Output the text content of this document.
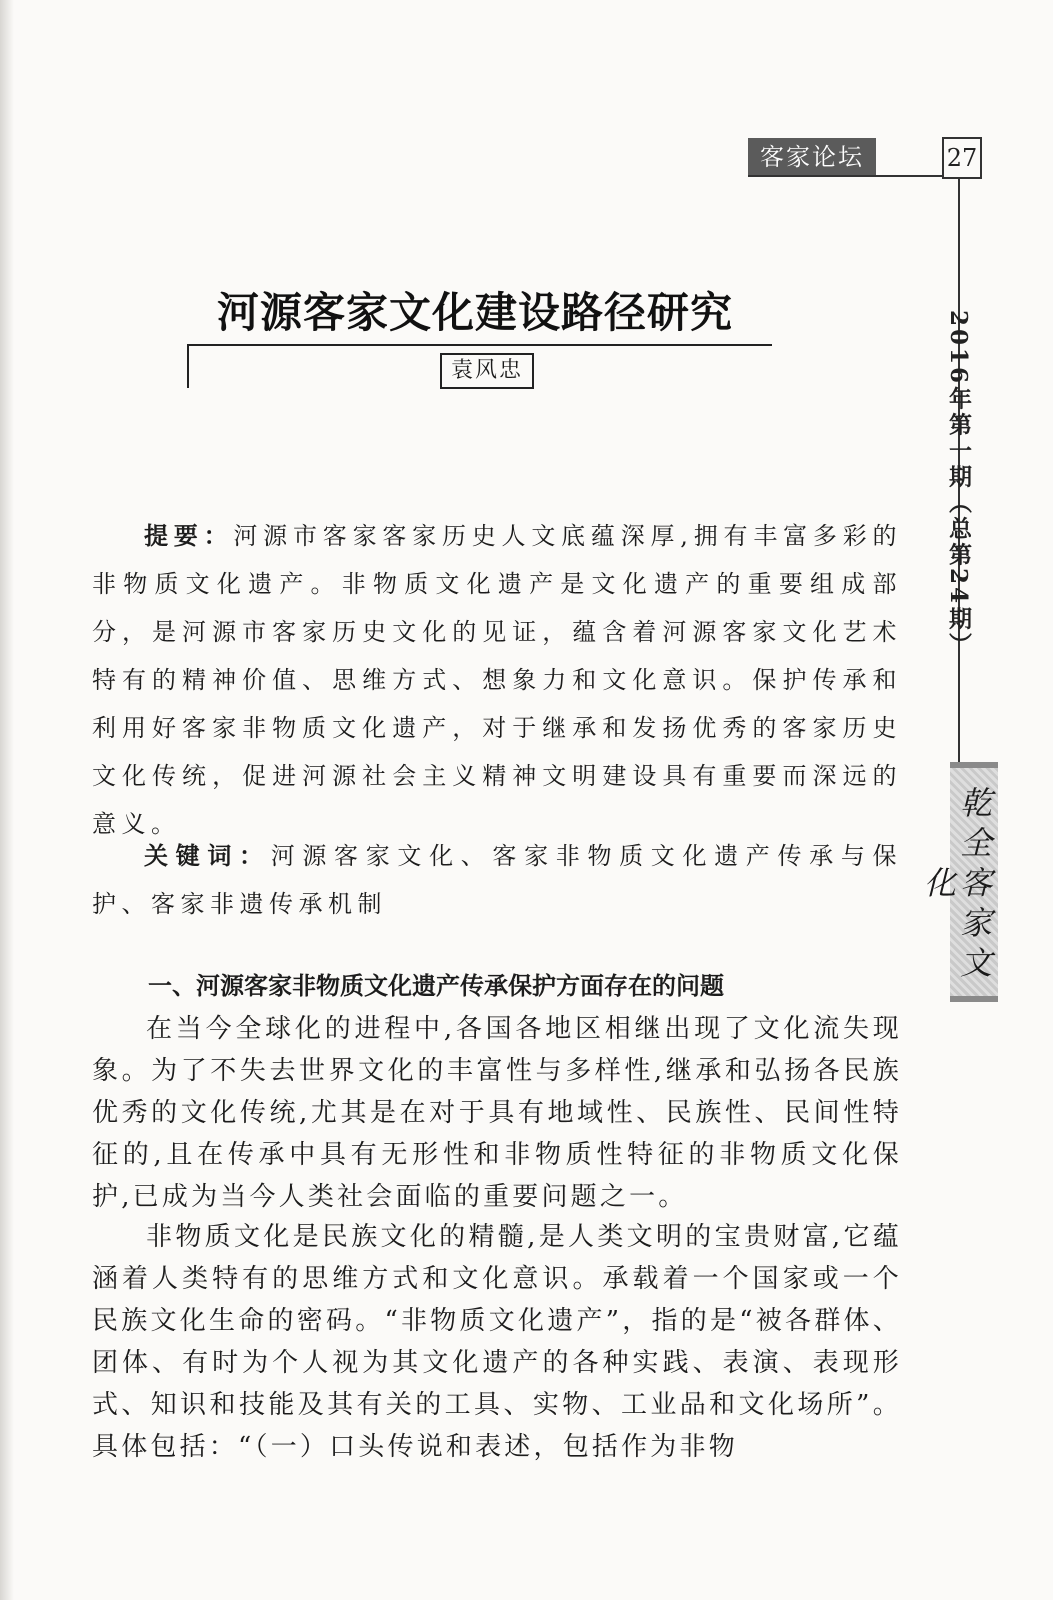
客家论坛	27
2016年第一期（总第24期）
乾全客家文化
河源客家文化建设路径研究
袁风忠

提要：河源市客家客家历史人文底蕴深厚,拥有丰富多彩的非物质文化遗产。非物质文化遗产是文化遗产的重要组成部分，是河源市客家历史文化的见证，蕴含着河源客家文化艺术特有的精神价值、思维方式、想象力和文化意识。保护传承和利用好客家非物质文化遗产，对于继承和发扬优秀的客家历史文化传统，促进河源社会主义精神文明建设具有重要而深远的意义。

关键词：河源客家文化、客家非物质文化遗产传承与保护、客家非遗传承机制

一、河源客家非物质文化遗产传承保护方面存在的问题

在当今全球化的进程中,各国各地区相继出现了文化流失现象。为了不失去世界文化的丰富性与多样性,继承和弘扬各民族优秀的文化传统,尤其是在对于具有地域性、民族性、民间性特征的,且在传承中具有无形性和非物质性特征的非物质文化保护,已成为当今人类社会面临的重要问题之一。

非物质文化是民族文化的精髓,是人类文明的宝贵财富,它蕴涵着人类特有的思维方式和文化意识。承载着一个国家或一个民族文化生命的密码。“非物质文化遗产”，指的是“被各群体、团体、有时为个人视为其文化遗产的各种实践、表演、表现形式、知识和技能及其有关的工具、实物、工业品和文化场所”。具体包括：“（一）口头传说和表述，包括作为非物
